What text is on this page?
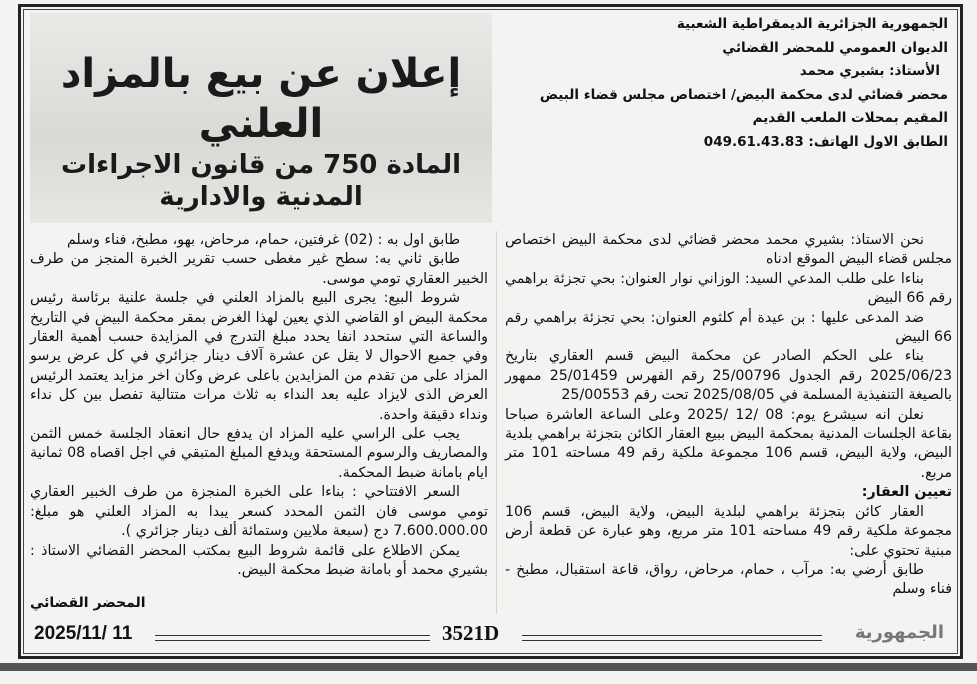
إعلان عن بيع بالمزاد العلني
المادة 750 من قانون الاجراءات المدنية والادارية
الجمهورية الجزائرية الديمقراطية الشعبية
الديوان العمومي للمحضر القضائي
الأستاذ: بشيري محمد
محضر قضائي لدى محكمة البيض/ اختصاص مجلس قضاء البيض
المقيم بمحلات الملعب القديم
الطابق الاول الهاتف: 049.61.43.83

طابق اول به : (02) غرفتين، حمام، مرحاض، بهو، مطبخ، فناء وسلم

طابق ثاني به: سطح غير مغطى حسب تقرير الخبرة المنجز من طرف الخبير العقاري تومي موسى.

شروط البيع: يجرى البيع بالمزاد العلني في جلسة علنية برئاسة رئيس محكمة البيض او القاضي الذي يعين لهذا الغرض بمقر محكمة البيض في التاريخ والساعة التي ستحدد انفا يحدد مبلغ التدرج في المزايدة حسب أهمية العقار وفي جميع الاحوال لا يقل عن عشرة آلاف دينار جزائري في كل عرض يرسو المزاد على من تقدم من المزايدين باعلى عرض وكان اخر مزايد يعتمد الرئيس العرض الذى لايزاد عليه بعد النداء به ثلاث مرات متتالية تفصل بين كل نداء ونداء دقيقة واحدة.

يجب على الراسي عليه المزاد ان يدفع حال انعقاد الجلسة خمس الثمن والمصاريف والرسوم المستحقة ويدفع المبلغ المتبقي في اجل اقصاه 08 ثمانية ايام بامانة ضبط المحكمة.

السعر الافتتاحي : بناءا على الخبرة المنجزة من طرف الخبير العقاري تومي موسى فان الثمن المحدد كسعر يبدا به المزاد العلني هو مبلغ: 7.600.000.00 دج (سبعة ملايين وستمائة ألف دينار جزائري ).

يمكن الاطلاع على قائمة شروط البيع بمكتب المحضر القضائي الاستاذ : بشيري محمد أو بامانة ضبط محكمة البيض.

المحضر القضائي

نحن الاستاذ: بشيري محمد محضر قضائي لدى محكمة البيض اختصاص مجلس قضاء البيض الموقع ادناه

بناءا على طلب المدعي السيد: الوزاني نوار العنوان: بحي تجزئة براهمي رقم 66 البيض

ضد المدعى عليها : بن عيدة أم كلثوم العنوان: بحي تجزئة براهمي رقم 66 البيض

بناء على الحكم الصادر عن محكمة البيض قسم العقاري بتاريخ 2025/06/23 رقم الجدول 25/00796 رقم الفهرس 25/01459 ممهور بالصيغة التنفيذية المسلمة في 2025/08/05 تحت رقم 25/00553

نعلن انه سيشرع يوم: 08 /12 /2025 وعلى الساعة العاشرة صباحا بقاعة الجلسات المدنية بمحكمة البيض ببيع العقار الكائن بتجزئة براهمي بلدية البيض، ولاية البيض، قسم 106 مجموعة ملكية رقم 49 مساحته 101 متر مربع.

تعيين العقار:

العقار كائن بتجزئة براهمي لبلدية البيض، ولاية البيض، قسم 106 مجموعة ملكية رقم 49 مساحته 101 متر مربع، وهو عبارة عن قطعة أرض مبنية تحتوي على:

طابق أرضي به: مرآب ، حمام، مرحاض، رواق، قاعة استقبال، مطبخ - فناء وسلم

2025/11/ 11	3521D	الجمهورية
